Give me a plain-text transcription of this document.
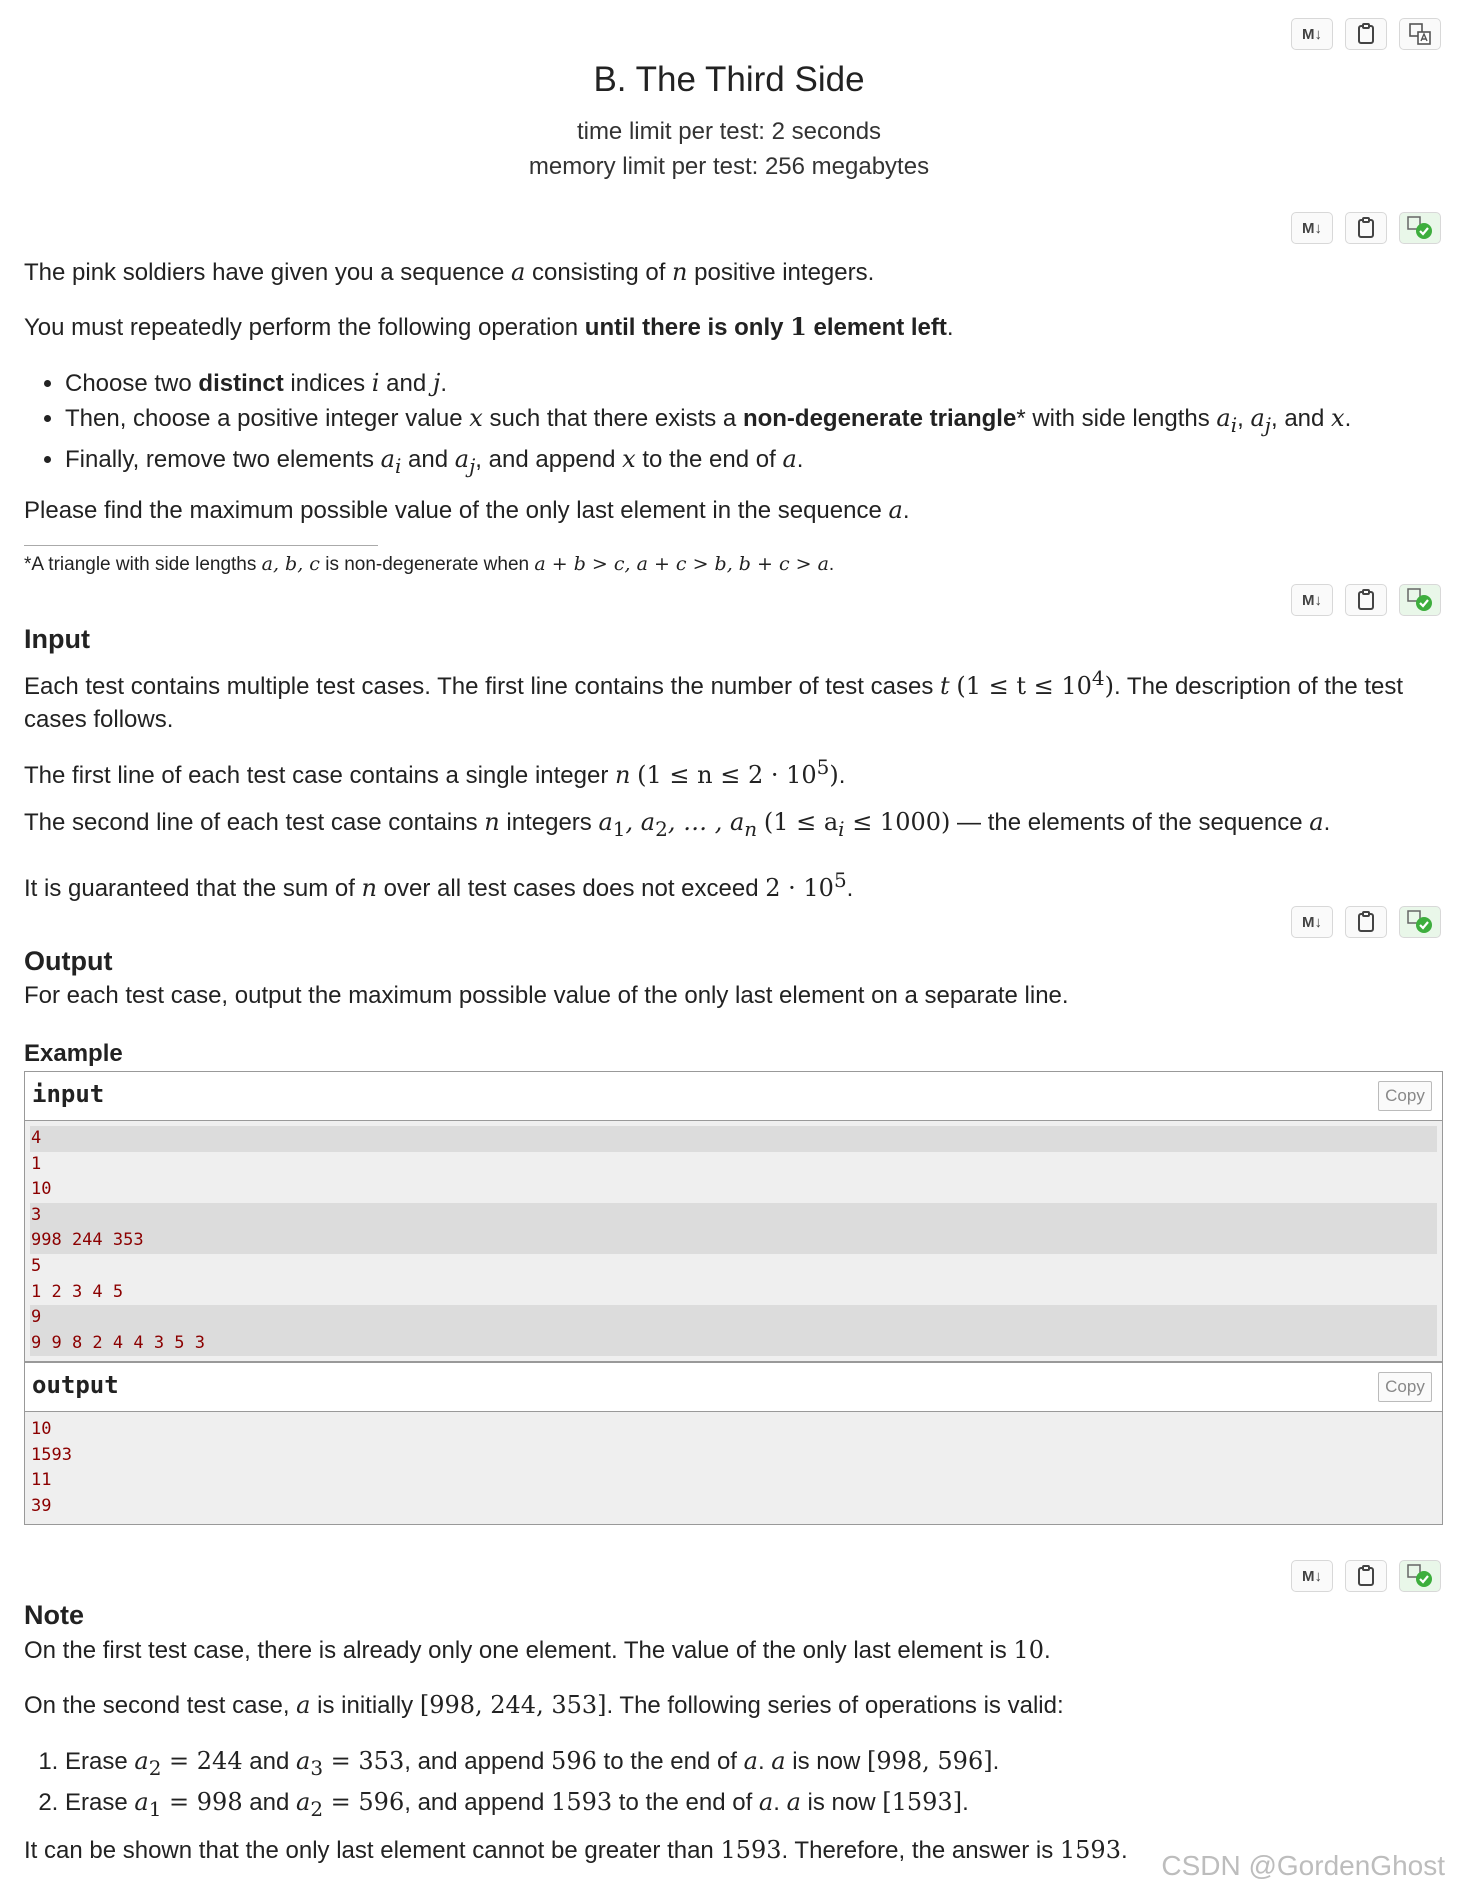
M↓
M↓
M↓
M↓
M↓
B. The Third Side
time limit per test: 2 seconds
memory limit per test: 256 megabytes
The pink soldiers have given you a sequence a consisting of n positive integers.
You must repeatedly perform the following operation until there is only 1 element left.
• Choose two distinct indices i and j.
• Then, choose a positive integer value x such that there exists a non-degenerate triangle* with side lengths $a_i$, $a_j$, and x.
• Finally, remove two elements $a_i$ and $a_j$, and append x to the end of a.
Please find the maximum possible value of the only last element in the sequence a.
*A triangle with side lengths a, b, c is non-degenerate when a + b > c, a + c > b, b + c > a.
Input
Each test contains multiple test cases. The first line contains the number of test cases t $(1 \le t \le 10^4)$. The description of the test cases follows.
The first line of each test case contains a single integer n $(1 \le n \le 2 \cdot 10^5)$.
The second line of each test case contains n integers $a_1$, $a_2$, … , $a_n$ $(1 \le a_i \le 1000)$ — the elements of the sequence a.
It is guaranteed that the sum of n over all test cases does not exceed $2 \cdot 10^5$.
Output
For each test case, output the maximum possible value of the only last element on a separate line.
Example
input	Copy
4
1
10
3
998 244 353
5
1 2 3 4 5
9
9 9 8 2 4 4 3 5 3
output	Copy
10
1593
11
39
Note
On the first test case, there is already only one element. The value of the only last element is 10.
On the second test case, a is initially [998, 244, 353]. The following series of operations is valid:
1. Erase $a_2 = 244$ and $a_3 = 353$, and append 596 to the end of a. a is now [998, 596].
2. Erase $a_1 = 998$ and $a_2 = 596$, and append 1593 to the end of a. a is now [1593].
It can be shown that the only last element cannot be greater than 1593. Therefore, the answer is 1593.	CSDN @GordenGhost
